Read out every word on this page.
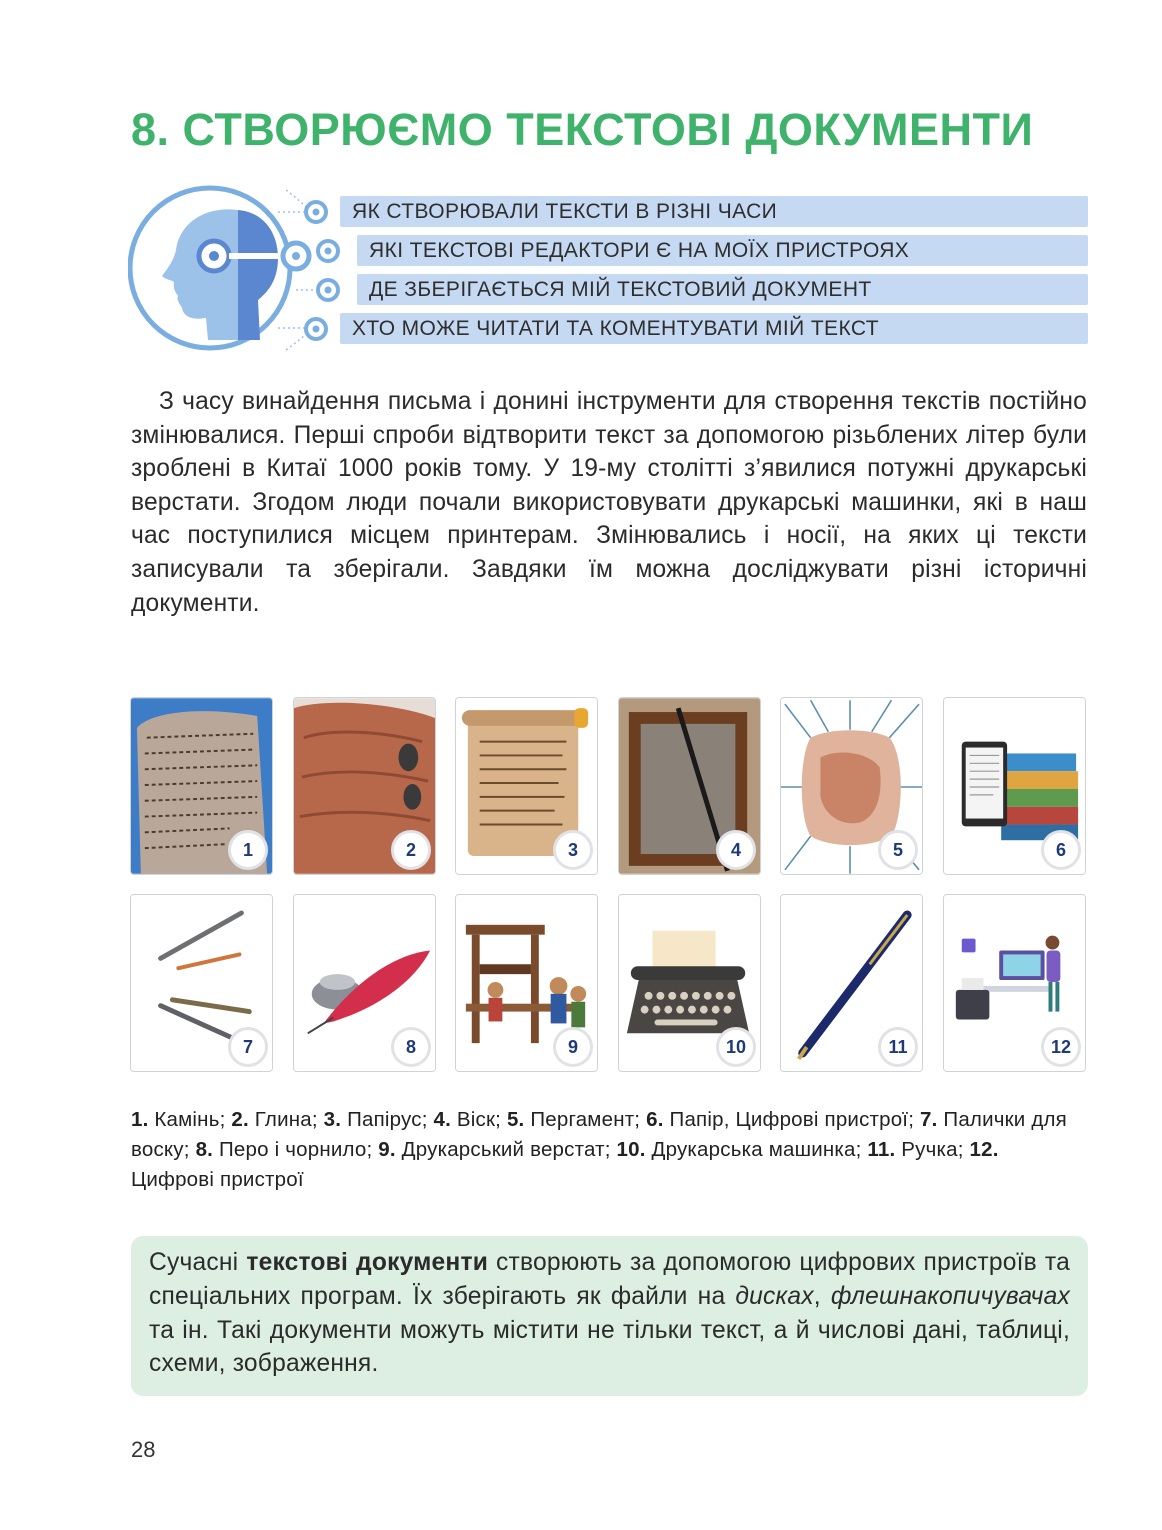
8. СТВОРЮЄМО ТЕКСТОВІ ДОКУМЕНТИ
ЯК СТВОРЮВАЛИ ТЕКСТИ В РІЗНІ ЧАСИ
ЯКІ ТЕКСТОВІ РЕДАКТОРИ Є НА МОЇХ ПРИСТРОЯХ
ДЕ ЗБЕРІГАЄТЬСЯ МІЙ ТЕКСТОВИЙ ДОКУМЕНТ
ХТО МОЖЕ ЧИТАТИ ТА КОМЕНТУВАТИ МІЙ ТЕКСТ

З часу винайдення письма і донині інструменти для створення текстів постійно змінювалися. Перші спроби відтворити текст за допомогою різьблених літер були зроблені в Китаї 1000 років тому. У 19-му столітті з’явилися потужні друкарські верстати. Згодом люди почали використовувати друкарські машинки, які в наш час поступилися місцем принтерам. Змінювались і носії, на яких ці тексти записували та зберігали. Завдяки їм можна досліджувати різні історичні документи.

1	2	3	4	5	6
7	8	9	10	11	12

1. Камінь; 2. Глина; 3. Папірус; 4. Віск; 5. Пергамент; 6. Папір, Цифрові пристрої; 7. Палички для воску; 8. Перо і чорнило; 9. Друкарський верстат; 10. Друкарська машинка; 11. Ручка; 12. Цифрові пристрої

Сучасні текстові документи створюють за допомогою цифрових пристроїв та спеціальних програм. Їх зберігають як файли на дисках, флешнакопичувачах та ін. Такі документи можуть містити не тільки текст, а й числові дані, таблиці, схеми, зображення.

28
